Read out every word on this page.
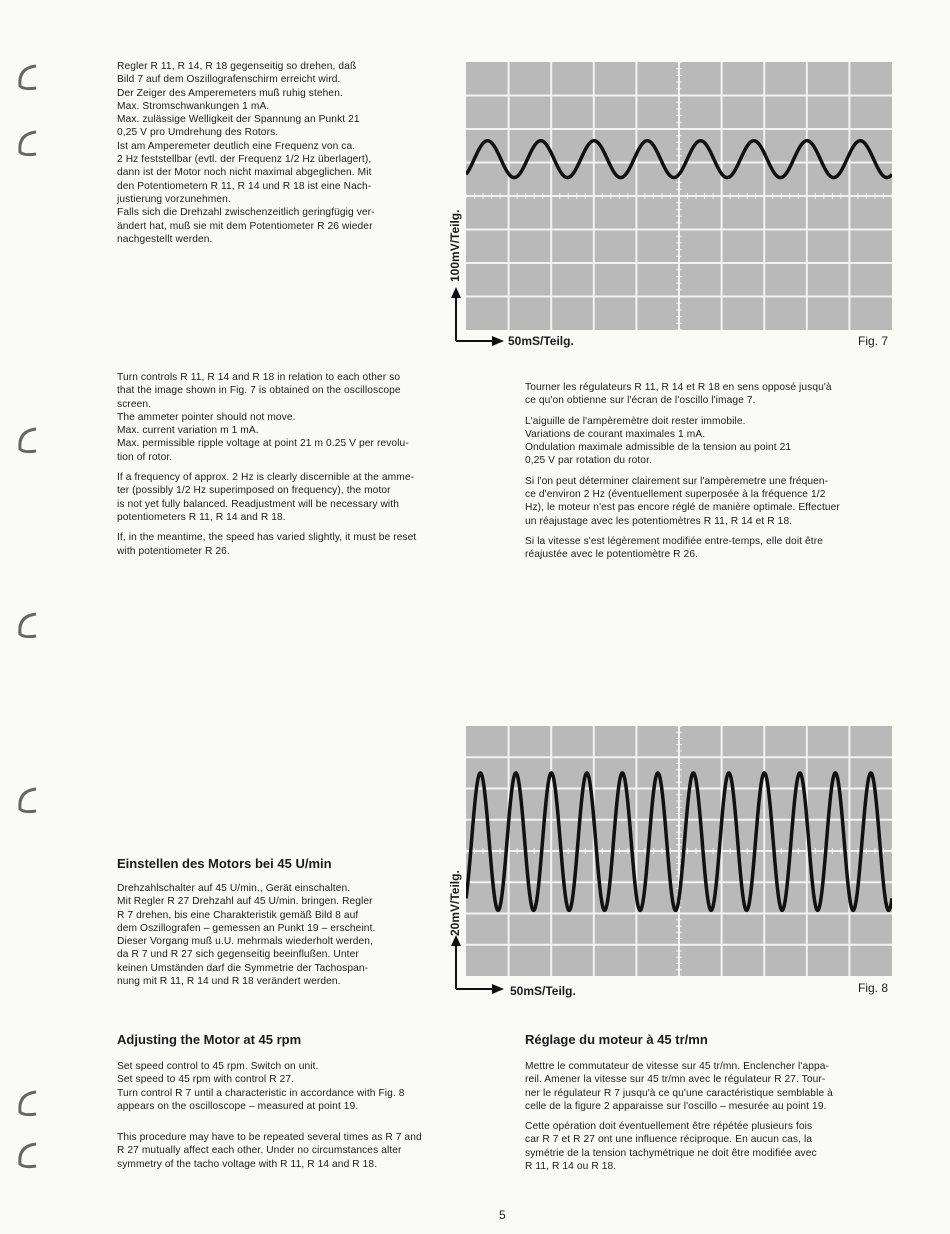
Regler R 11, R 14, R 18 gegenseitig so drehen, daß

Bild 7 auf dem Oszillografenschirm erreicht wird.

Der Zeiger des Amperemeters muß ruhig stehen.

Max. Stromschwankungen 1 mA.

Max. zulässige Welligkeit der Spannung an Punkt 21

0,25 V pro Umdrehung des Rotors.

Ist am Amperemeter deutlich eine Frequenz von ca.

2 Hz feststellbar (evtl. der Frequenz 1/2 Hz überlagert),

dann ist der Motor noch nicht maximal abgeglichen. Mit

den Potentiometern R 11, R 14 und R 18 ist eine Nach-

justierung vorzunehmen.

Falls sich die Drehzahl zwischenzeitlich geringfügig ver-

ändert hat, muß sie mit dem Potentiometer R 26 wieder

nachgestellt werden.	100mV/Teilg.
50mS/Teilg.	Fig. 7

Turn controls R 11, R 14 and R 18 in relation to each other so

that the image shown in Fig. 7 is obtained on the oscilloscope

screen.

The ammeter pointer should not move.

Max. current variation m 1 mA.

Max. permissible ripple voltage at point 21 m 0.25 V per revolu-

tion of rotor.

If a frequency of approx. 2 Hz is clearly discernible at the amme-

ter (possibly 1/2 Hz superimposed on frequency), the motor

is not yet fully balanced. Readjustment will be necessary with

potentiometers R 11, R 14 and R 18.

If, in the meantime, the speed has varied slightly, it must be reset

with potentiometer R 26.

Tourner les régulateurs R 11, R 14 et R 18 en sens opposé jusqu'à

ce qu'on obtienne sur l'écran de l'oscillo l'image 7.

L'aiguille de l'ampèremètre doit rester immobile.

Variations de courant maximales 1 mA.

Ondulation maximale admissible de la tension au point 21

0,25 V par rotation du rotor.

Si l'on peut déterminer clairement sur l'ampèremetre une fréquen-

ce d'environ 2 Hz (éventuellement superposée à la fréquence 1/2

Hz), le moteur n'est pas encore réglé de manière optimale. Effectuer

un réajustage avec les potentiomètres R 11, R 14 et R 18.

Si la vitesse s'est légèrement modifiée entre-temps, elle doit être

réajustée avec le potentiomètre R 26.

20mV/Teilg.
50mS/Teilg.	Fig. 8
Einstellen des Motors bei 45 U/min

Drehzahlschalter auf 45 U/min., Gerät einschalten.

Mit Regler R 27 Drehzahl auf 45 U/min. bringen. Regler

R 7 drehen, bis eine Charakteristik gemäß Bild 8 auf

dem Oszillografen – gemessen an Punkt 19 – erscheint.

Dieser Vorgang muß u.U. mehrmals wiederholt werden,

da R 7 und R 27 sich gegenseitig beeinflußen. Unter

keinen Umständen darf die Symmetrie der Tachospan-

nung mit R 11, R 14 und R 18 verändert werden.

Adjusting the Motor at 45 rpm

Set speed control to 45 rpm. Switch on unit.

Set speed to 45 rpm with control R 27.

Turn control R 7 until a characteristic in accordance with Fig. 8

appears on the oscilloscope – measured at point 19.

This procedure may have to be repeated several times as R 7 and

R 27 mutually affect each other. Under no circumstances alter

symmetry of the tacho voltage with R 11, R 14 and R 18.

Réglage du moteur à 45 tr/mn

Mettre le commutateur de vitesse sur 45 tr/mn. Enclencher l'appa-

reil. Amener la vitesse sur 45 tr/mn avec le régulateur R 27. Tour-

ner le régulateur R 7 jusqu'à ce qu'une caractéristique semblable à

celle de la figure 2 apparaisse sur l'oscillo – mesurée au point 19.

Cette opération doit éventuellement être répétée plusieurs fois

car R 7 et R 27 ont une influence réciproque. En aucun cas, la

symétrie de la tension tachymétrique ne doit être modifiée avec

R 11, R 14 ou R 18.

5
